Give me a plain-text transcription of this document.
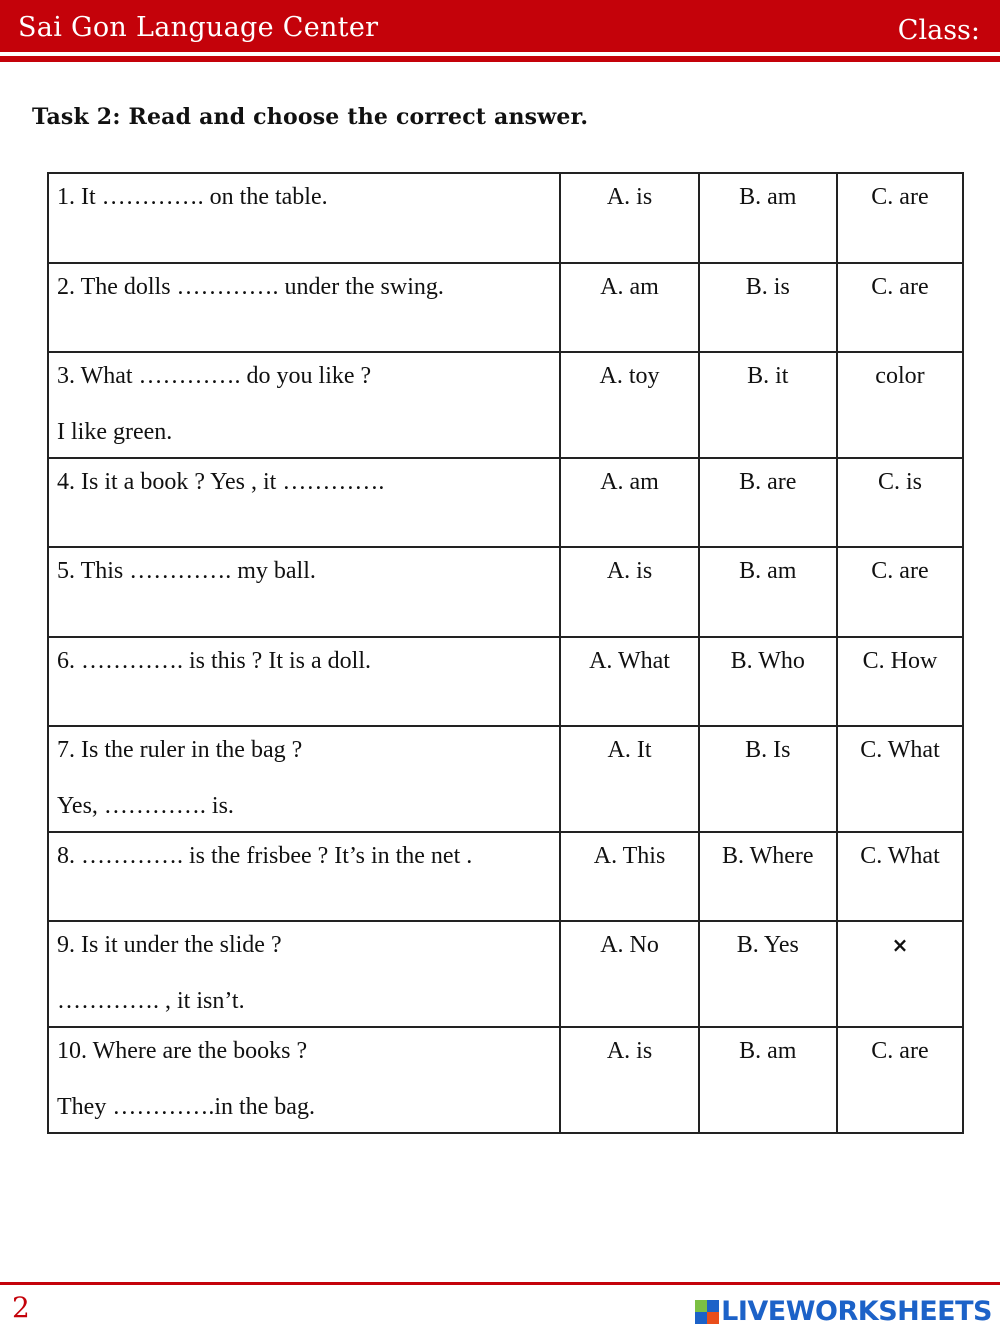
Sai Gon Language Center	Class:
Task 2: Read and choose the correct answer.
1. It …………. on the table.	A. is	B. am	C. are

2. The dolls …………. under the swing.	A. am	B. is	C. are

3. What …………. do you like ?
I like green.	A. toy	B. it	color

4. Is it a book ? Yes , it ………….	A. am	B. are	C. is

5. This …………. my ball.	A. is	B. am	C. are

6. …………. is this ? It is a doll.	A. What	B. Who	C. How

7. Is the ruler in the bag ?
Yes, …………. is.	A. It	B. Is	C. What

8. …………. is the frisbee ? It’s in the net .	A. This	B. Where	C. What

9. Is it under the slide ?
…………. , it isn’t.	A. No	B. Yes	×

10. Where are the books ?
They ………….in the bag.	A. is	B. am	C. are
2	LIVEWORKSHEETS
